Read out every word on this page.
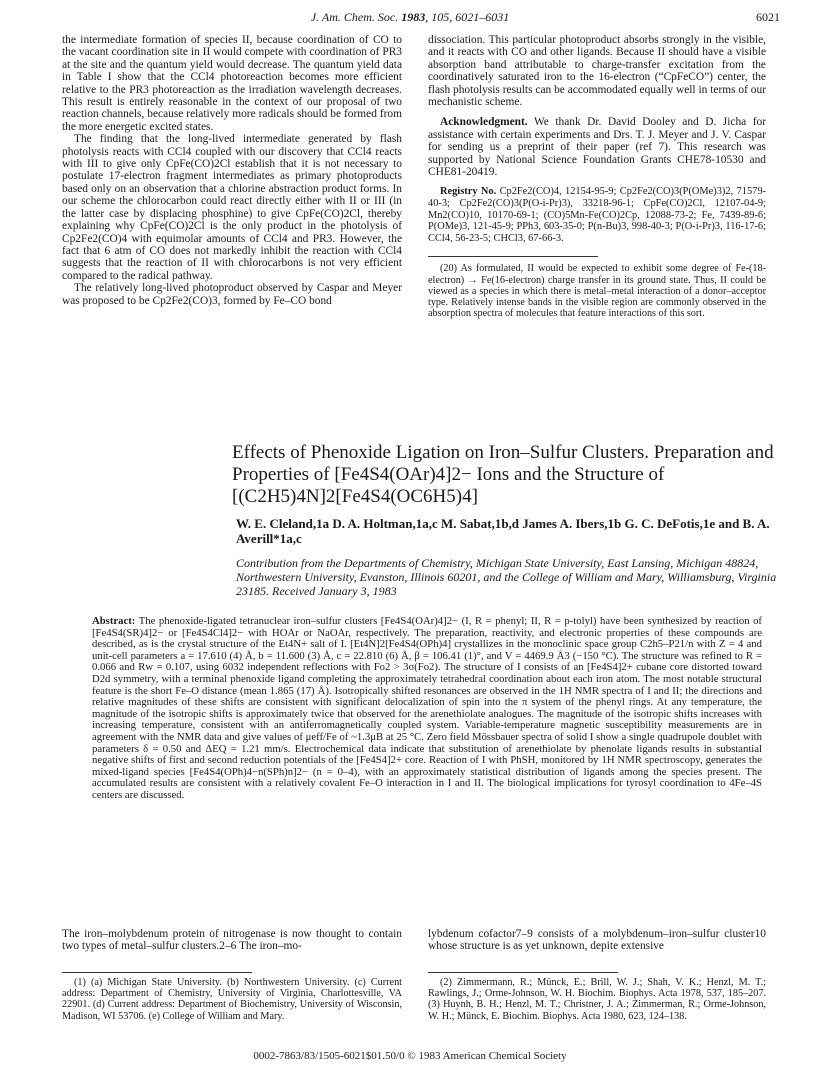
J. Am. Chem. Soc. 1983, 105, 6021–6031	6021

the intermediate formation of species II, because coordination of CO to the vacant coordination site in II would compete with coordination of PR3 at the site and the quantum yield would decrease. The quantum yield data in Table I show that the CCl4 photoreaction becomes more efficient relative to the PR3 photoreaction as the irradiation wavelength decreases. This result is entirely reasonable in the context of our proposal of two reaction channels, because relatively more radicals should be formed from the more energetic excited states.

The finding that the long-lived intermediate generated by flash photolysis reacts with CCl4 coupled with our discovery that CCl4 reacts with III to give only CpFe(CO)2Cl establish that it is not necessary to postulate 17-electron fragment intermediates as primary photoproducts based only on an observation that a chlorine abstraction product forms. In our scheme the chlorocarbon could react directly either with II or III (in the latter case by displacing phosphine) to give CpFe(CO)2Cl, thereby explaining why CpFe(CO)2Cl is the only product in the photolysis of Cp2Fe2(CO)4 with equimolar amounts of CCl4 and PR3. However, the fact that 6 atm of CO does not markedly inhibit the reaction with CCl4 suggests that the reaction of II with chlorocarbons is not very efficient compared to the radical pathway.

The relatively long-lived photoproduct observed by Caspar and Meyer was proposed to be Cp2Fe2(CO)3, formed by Fe–CO bond

dissociation. This particular photoproduct absorbs strongly in the visible, and it reacts with CO and other ligands. Because II should have a visible absorption band attributable to charge-transfer excitation from the coordinatively saturated iron to the 16-electron (“CpFeCO”) center, the flash photolysis results can be accommodated equally well in terms of our mechanistic scheme.

Acknowledgment. We thank Dr. David Dooley and D. Jicha for assistance with certain experiments and Drs. T. J. Meyer and J. V. Caspar for sending us a preprint of their paper (ref 7). This research was supported by National Science Foundation Grants CHE78-10530 and CHE81-20419.

Registry No. Cp2Fe2(CO)4, 12154-95-9; Cp2Fe2(CO)3(P(OMe)3)2, 71579-40-3; Cp2Fe2(CO)3(P(O-i-Pr)3), 33218-96-1; CpFe(CO)2Cl, 12107-04-9; Mn2(CO)10, 10170-69-1; (CO)5Mn-Fe(CO)2Cp, 12088-73-2; Fe, 7439-89-6; P(OMe)3, 121-45-9; PPh3, 603-35-0; P(n-Bu)3, 998-40-3; P(O-i-Pr)3, 116-17-6; CCl4, 56-23-5; CHCl3, 67-66-3.

(20) As formulated, II would be expected to exhibit some degree of Fe-(18-electron) → Fe(16-electron) charge transfer in its ground state. Thus, II could be viewed as a species in which there is metal–metal interaction of a donor–acceptor type. Relatively intense bands in the visible region are commonly observed in the absorption spectra of molecules that feature interactions of this sort.

Effects of Phenoxide Ligation on Iron–Sulfur Clusters. Preparation and Properties of [Fe4S4(OAr)4]2− Ions and the Structure of [(C2H5)4N]2[Fe4S4(OC6H5)4]
W. E. Cleland,1a D. A. Holtman,1a,c M. Sabat,1b,d James A. Ibers,1b G. C. DeFotis,1e and B. A. Averill*1a,c
Contribution from the Departments of Chemistry, Michigan State University, East Lansing, Michigan 48824, Northwestern University, Evanston, Illinois 60201, and the College of William and Mary, Williamsburg, Virginia 23185. Received January 3, 1983
Abstract: The phenoxide-ligated tetranuclear iron–sulfur clusters [Fe4S4(OAr)4]2− (I, R = phenyl; II, R = p-tolyl) have been synthesized by reaction of [Fe4S4(SR)4]2− or [Fe4S4Cl4]2− with HOAr or NaOAr, respectively. The preparation, reactivity, and electronic properties of these compounds are described, as is the crystal structure of the Et4N+ salt of I. [Et4N]2[Fe4S4(OPh)4] crystallizes in the monoclinic space group C2h5–P21/n with Z = 4 and unit-cell parameters a = 17.610 (4) Å, b = 11.600 (3) Å, c = 22.810 (6) Å, β = 106.41 (1)°, and V = 4469.9 Å3 (−150 °C). The structure was refined to R = 0.066 and Rw = 0.107, using 6032 independent reflections with Fo2 > 3σ(Fo2). The structure of I consists of an [Fe4S4]2+ cubane core distorted toward D2d symmetry, with a terminal phenoxide ligand completing the approximately tetrahedral coordination about each iron atom. The most notable structural feature is the short Fe–O distance (mean 1.865 (17) Å). Isotropically shifted resonances are observed in the 1H NMR spectra of I and II; the directions and relative magnitudes of these shifts are consistent with significant delocalization of spin into the π system of the phenyl rings. At any temperature, the magnitude of the isotropic shifts is approximately twice that observed for the arenethiolate analogues. The magnitude of the isotropic shifts increases with increasing temperature, consistent with an antiferromagnetically coupled system. Variable-temperature magnetic susceptibility measurements are in agreement with the NMR data and give values of μeff/Fe of ~1.3μB at 25 °C. Zero field Mössbauer spectra of solid I show a single quadrupole doublet with parameters δ = 0.50 and ΔEQ = 1.21 mm/s. Electrochemical data indicate that substitution of arenethiolate by phenolate ligands results in substantial negative shifts of first and second reduction potentials of the [Fe4S4]2+ core. Reaction of I with PhSH, monitored by 1H NMR spectroscopy, generates the mixed-ligand species [Fe4S4(OPh)4−n(SPh)n]2− (n = 0–4), with an approximately statistical distribution of ligands among the species present. The accumulated results are consistent with a relatively covalent Fe–O interaction in I and II. The biological implications for tyrosyl coordination to 4Fe–4S centers are discussed.
The iron–molybdenum protein of nitrogenase is now thought to contain two types of metal–sulfur clusters.2–6 The iron–mo-
lybdenum cofactor7–9 consists of a molybdenum–iron–sulfur cluster10 whose structure is as yet unknown, depite extensive

(1) (a) Michigan State University. (b) Northwestern University. (c) Current address: Department of Chemistry, University of Virginia, Charlottesville, VA 22901. (d) Current address: Department of Biochemistry, University of Wisconsin, Madison, WI 53706. (e) College of William and Mary.

(2) Zimmermann, R.; Münck, E.; Brill, W. J.; Shah, V. K.; Henzl, M. T.; Rawlings, J.; Orme-Johnson, W. H. Biochim. Biophys. Acta 1978, 537, 185–207. (3) Huynh, B. H.; Henzl, M. T.; Christner, J. A.; Zimmerman, R.; Orme-Johnson, W. H.; Münck, E. Biochim. Biophys. Acta 1980, 623, 124–138.

0002-7863/83/1505-6021$01.50/0 © 1983 American Chemical Society
